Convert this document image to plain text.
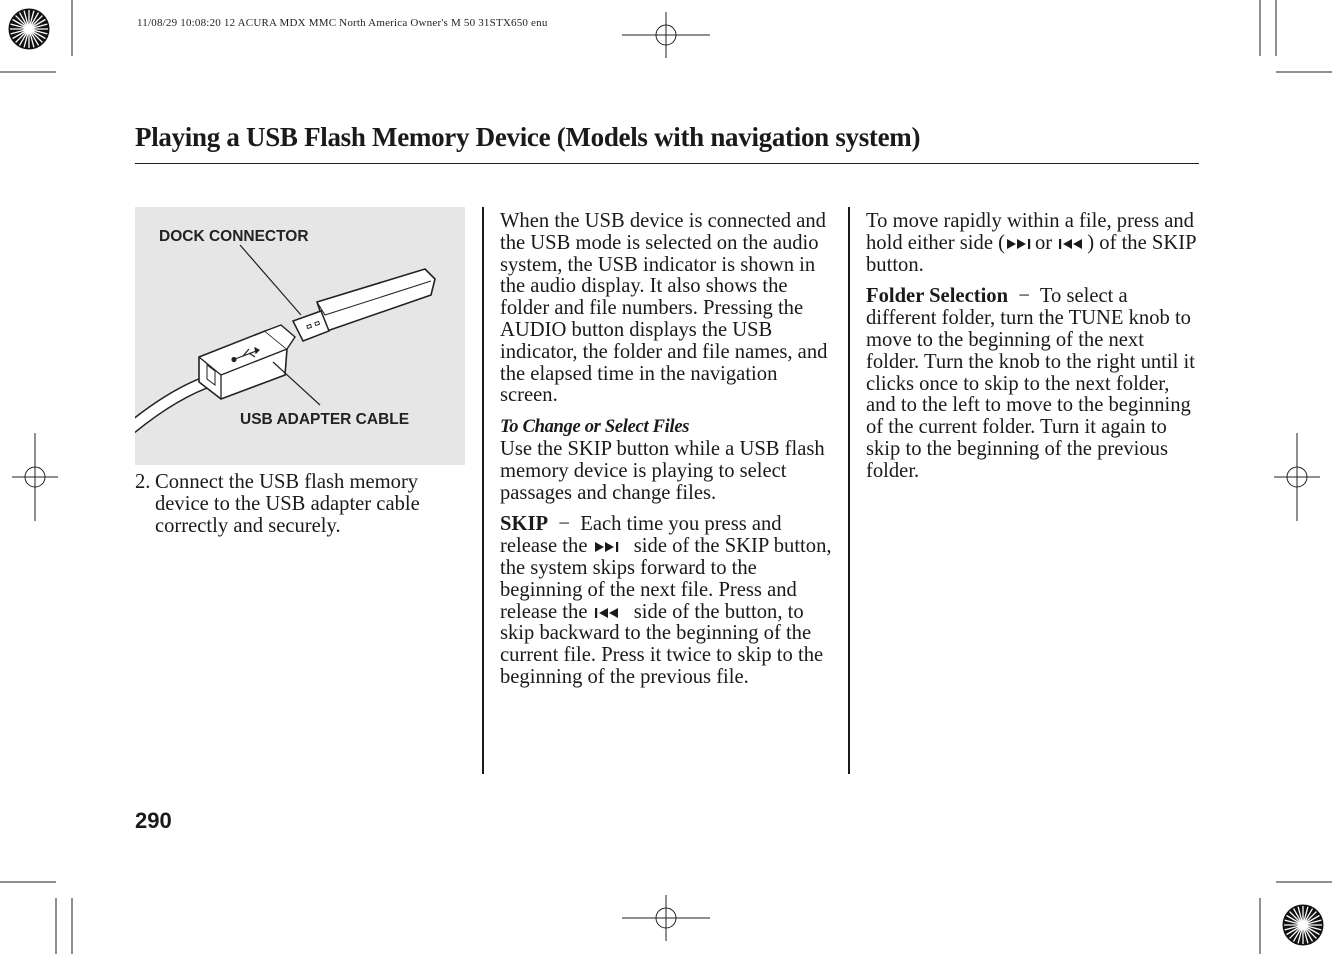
11/08/29 10:08:20 12 ACURA MDX MMC North America Owner's M 50 31STX650 enu
Playing a USB Flash Memory Device (Models with navigation system)
DOCK CONNECTOR
USB ADAPTER CABLE
2. Connect the USB flash memory device to the USB adapter cable correctly and securely.

When the USB device is connected and the USB mode is selected on the audio system, the USB indicator is shown in the audio display. It also shows the folder and file numbers. Pressing the AUDIO button displays the USB indicator, the folder and file names, and the elapsed time in the navigation screen.

To Change or Select Files

Use the SKIP button while a USB flash memory device is playing to select passages and change files.

SKIP − Each time you press and release the side of the SKIP button, the system skips forward to the beginning of the next file. Press and release the side of the button, to skip backward to the beginning of the current file. Press it twice to skip to the beginning of the previous file.

To move rapidly within a file, press and hold either side ( or ) of the SKIP button.

Folder Selection − To select a different folder, turn the TUNE knob to move to the beginning of the next folder. Turn the knob to the right until it clicks once to skip to the next folder, and to the left to move to the beginning of the current folder. Turn it again to skip to the beginning of the previous folder.

290
